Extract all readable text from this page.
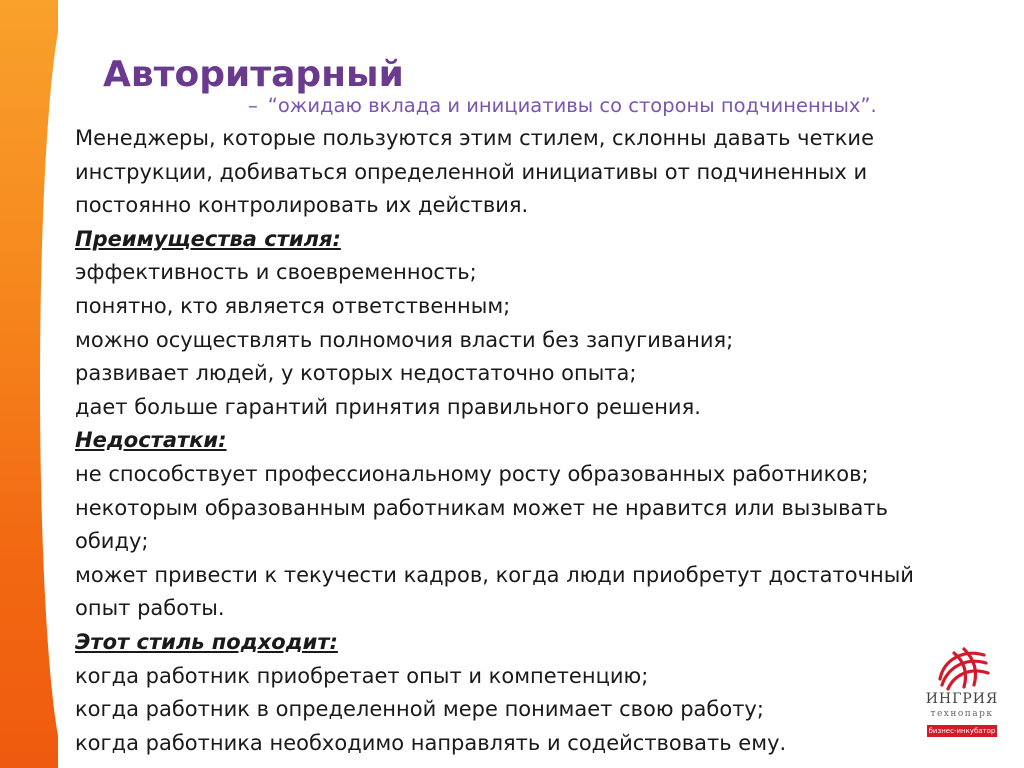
Авторитарный
– “ожидаю вклада и инициативы со стороны подчиненных”.

Менеджеры, которые пользуются этим стилем, склонны давать четкие

инструкции, добиваться определенной инициативы от подчиненных и

постоянно контролировать их действия.

Преимущества стиля:

эффективность и своевременность;

понятно, кто является ответственным;

можно осуществлять полномочия власти без запугивания;

развивает людей, у которых недостаточно опыта;

дает больше гарантий принятия правильного решения.

Недостатки:

не способствует профессиональному росту образованных работников;

некоторым образованным работникам может не нравится или вызывать

обиду;

может привести к текучести кадров, когда люди приобретут достаточный

опыт работы.

Этот стиль подходит:

когда работник приобретает опыт и компетенцию;

когда работник в определенной мере понимает свою работу;

когда работника необходимо направлять и содействовать ему.

ИНГРИЯ
технопарк
бизнес-инкубатор
